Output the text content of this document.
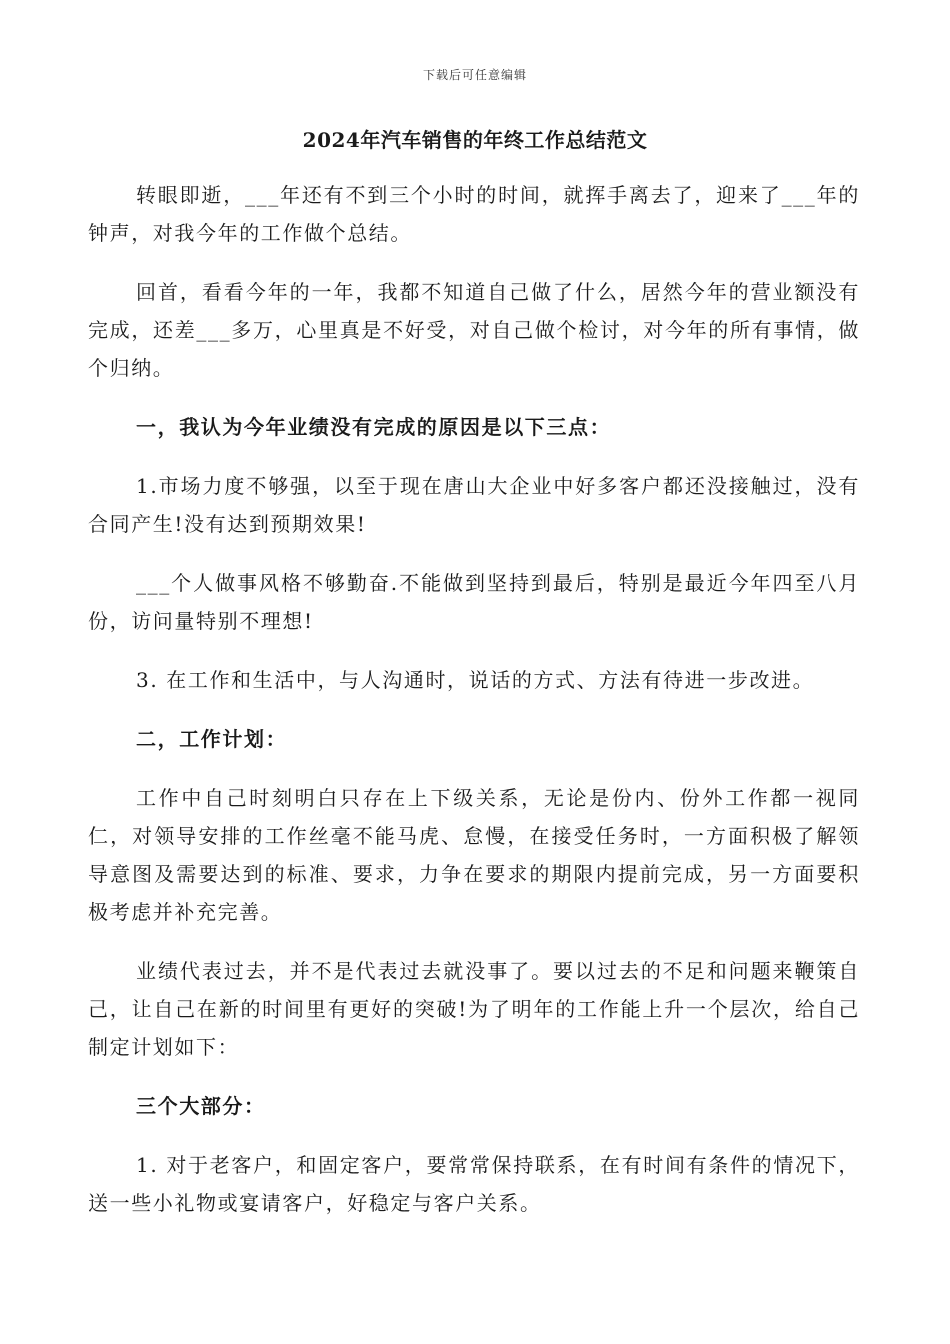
下载后可任意编辑
2024年汽车销售的年终工作总结范文

转眼即逝，___年还有不到三个小时的时间，就挥手离去了，迎来了___年的钟声，对我今年的工作做个总结。

回首，看看今年的一年，我都不知道自己做了什么，居然今年的营业额没有完成，还差___多万，心里真是不好受，对自己做个检讨，对今年的所有事情，做个归纳。

一，我认为今年业绩没有完成的原因是以下三点：

1.市场力度不够强，以至于现在唐山大企业中好多客户都还没接触过，没有合同产生!没有达到预期效果!

___个人做事风格不够勤奋.不能做到坚持到最后，特别是最近今年四至八月份，访问量特别不理想!

3. 在工作和生活中，与人沟通时，说话的方式、方法有待进一步改进。

二，工作计划：

工作中自己时刻明白只存在上下级关系，无论是份内、份外工作都一视同仁，对领导安排的工作丝毫不能马虎、怠慢，在接受任务时，一方面积极了解领导意图及需要达到的标准、要求，力争在要求的期限内提前完成，另一方面要积极考虑并补充完善。

业绩代表过去，并不是代表过去就没事了。要以过去的不足和问题来鞭策自己，让自己在新的时间里有更好的突破!为了明年的工作能上升一个层次，给自己制定计划如下：

三个大部分：

1. 对于老客户，和固定客户，要常常保持联系，在有时间有条件的情况下，送一些小礼物或宴请客户，好稳定与客户关系。
